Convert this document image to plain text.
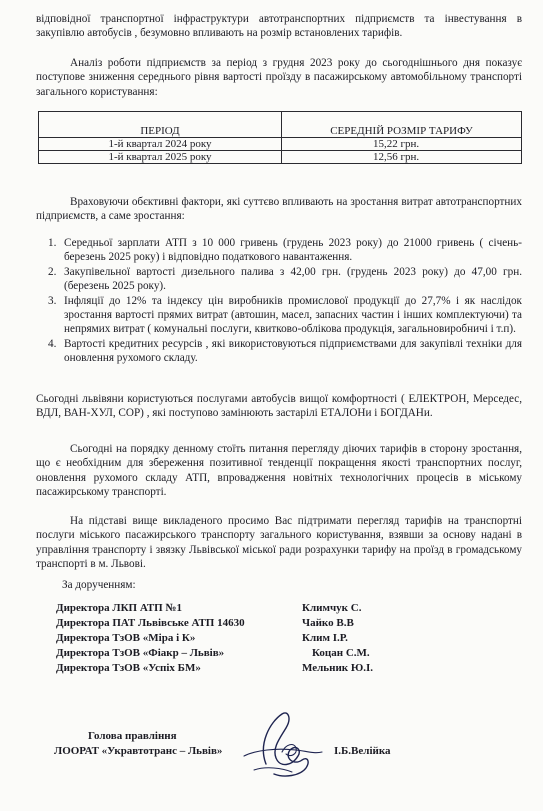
відповідної транспортної інфраструктури автотранспортних підприємств та інвестування в закупівлю автобусів , безумовно впливають на розмір встановлених тарифів.

Аналіз роботи підприємств за період з грудня 2023 року до сьогоднішнього дня показує поступове зниження середнього рівня вартості проїзду в пасажирському автомобільному транспорті загального користування:

ПЕРІОД	СЕРЕДНІЙ РОЗМІР ТАРИФУ
1-й квартал 2024 року	15,22 грн.
1-й квартал 2025 року	12,56 грн.

Враховуючи обєктивні фактори, які суттєво впливають на зростання витрат автотранспортних підприємств, а саме зростання:

1. Середньої зарплати АТП з 10 000 гривень (грудень 2023 року) до 21000 гривень ( січень-березень 2025 року) і відповідно податкового навантаження.
2. Закупівельної вартості дизельного палива з 42,00 грн. (грудень 2023 року) до 47,00 грн. (березень 2025 року).
3. Інфляції до 12% та індексу цін виробників промислової продукції до 27,7% і як наслідок зростання вартості прямих витрат (автошин, масел, запасних частин і інших комплектуючи) та непрямих витрат ( комунальні послуги, квитково-облікова продукція, загальновиробничі і т.п).
4. Вартості кредитних ресурсів , які використовуються підприємствами для закупівлі техніки для оновлення рухомого складу.

Сьогодні львівяни користуються послугами автобусів вищої комфортності ( ЕЛЕКТРОН, Мерседес, ВДЛ, ВАН-ХУЛ, СОР) , які поступово замінюють застарілі ЕТАЛОНи і БОГДАНи.

Сьогодні на порядку денному стоїть питання перегляду діючих тарифів в сторону зростання, що є необхідним для збереження позитивної тенденції покращення якості транспортних послуг, оновлення рухомого складу АТП, впровадження новітніх технологічних процесів в міському пасажирському транспорті.

На підставі вище викладеного просимо Вас підтримати перегляд тарифів на транспортні послуги міського пасажирського транспорту загального користування, взявши за основу надані в управління транспорту і звязку Львівської міської ради розрахунки тарифу на проїзд в громадському транспорті в м. Львові.

За дорученням:

Директора ЛКП АТП №1	Климчук С.
Директора ПАТ Львівське АТП 14630	Чайко В.В
Директора ТзОВ «Міра і К»	Клим І.Р.
Директора ТзОВ «Фіакр – Львів»	Коцан С.М.
Директора ТзОВ «Успіх БМ»	Мельник Ю.І.
Голова правління
ЛООРАТ «Укравтотранс – Львів»	І.Б.Велійка
